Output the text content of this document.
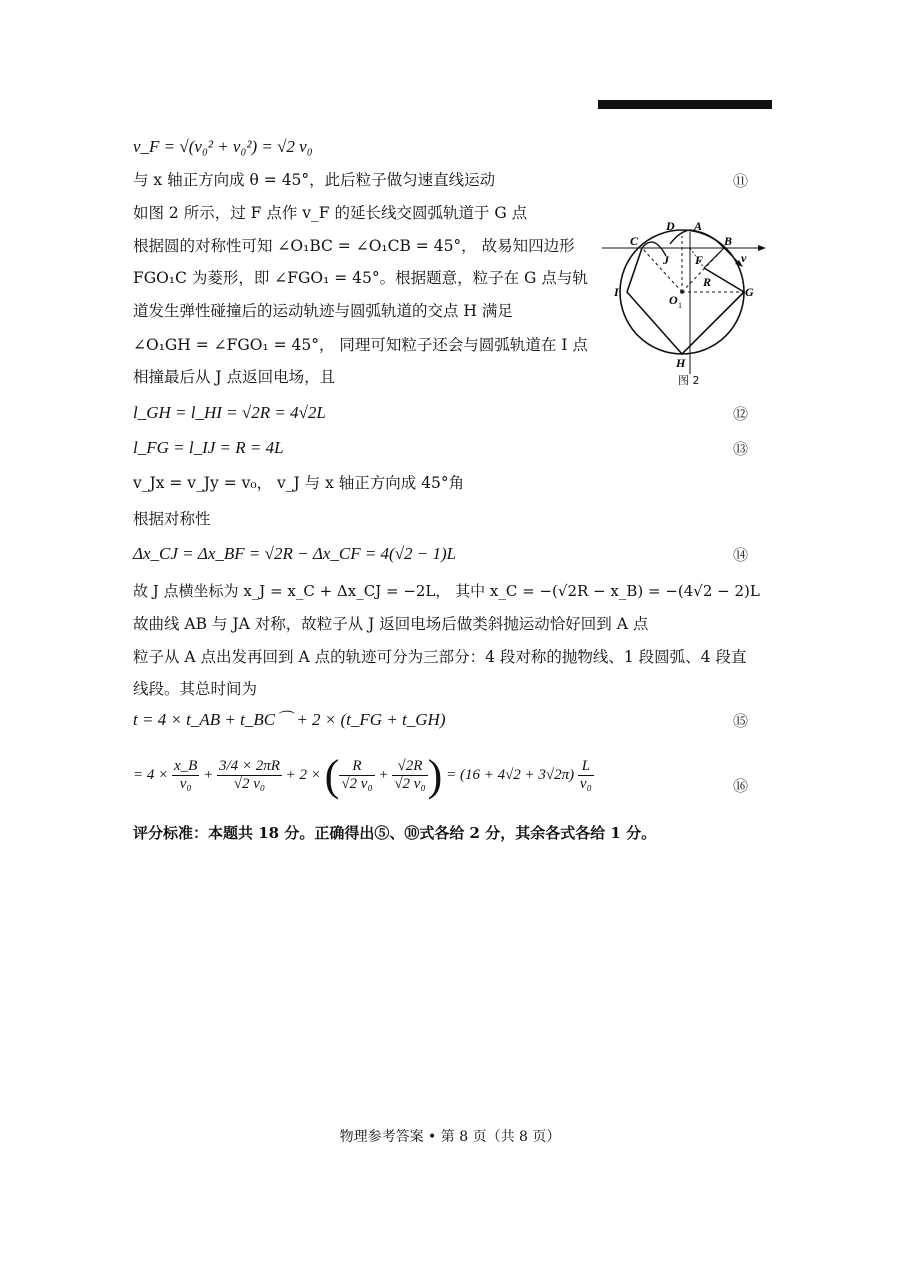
v_F = √(v₀² + v₀²) = √2 v₀
与 x 轴正方向成 θ = 45°，此后粒子做匀速直线运动	⑪
如图 2 所示，过 F 点作 v_F 的延长线交圆弧轨道于 G 点
根据圆的对称性可知 ∠O₁BC = ∠O₁CB = 45°， 故易知四边形
FGO₁C 为菱形，即 ∠FGO₁ = 45°。根据题意，粒子在 G 点与轨
道发生弹性碰撞后的运动轨迹与圆弧轨道的交点 H 满足
∠O₁GH = ∠FGO₁ = 45°， 同理可知粒子还会与圆弧轨道在 I 点
相撞最后从 J 点返回电场，且
D A
C	B
J F	v
I
R
O 1
G
H
图 2
l_GH = l_HI = √2R = 4√2L	⑫
l_FG = l_IJ = R = 4L	⑬
v_Jx = v_Jy = v₀， v_J 与 x 轴正方向成 45°角
根据对称性
Δx_CJ = Δx_BF = √2R − Δx_CF = 4(√2 − 1)L	⑭
故 J 点横坐标为 x_J = x_C + Δx_CJ = −2L， 其中 x_C = −(√2R − x_B) = −(4√2 − 2)L
故曲线 AB 与 JA 对称，故粒子从 J 返回电场后做类斜抛运动恰好回到 A 点
粒子从 A 点出发再回到 A 点的轨迹可分为三部分：4 段对称的抛物线、1 段圆弧、4 段直
线段。其总时间为
t = 4 × t_AB + t_BC⌒ + 2 × (t_FG + t_GH)	⑮
= $4 \times \frac{x\_B}{\text{v₀}} + \frac{3/4 \times 2\pi R}{\text{√2 v₀}} + 2$ × ( $\frac{R}{\text{√2 v₀}} + \frac{√2R}{\text{√2 v₀}}$ ) = $(16 + 4√2 + 3√2\pi) \frac{L}{\text{v₀}}$	⑯
评分标准：本题共 18 分。正确得出⑤、⑩式各给 2 分，其余各式各给 1 分。
物理参考答案 • 第 8 页（共 8 页）
